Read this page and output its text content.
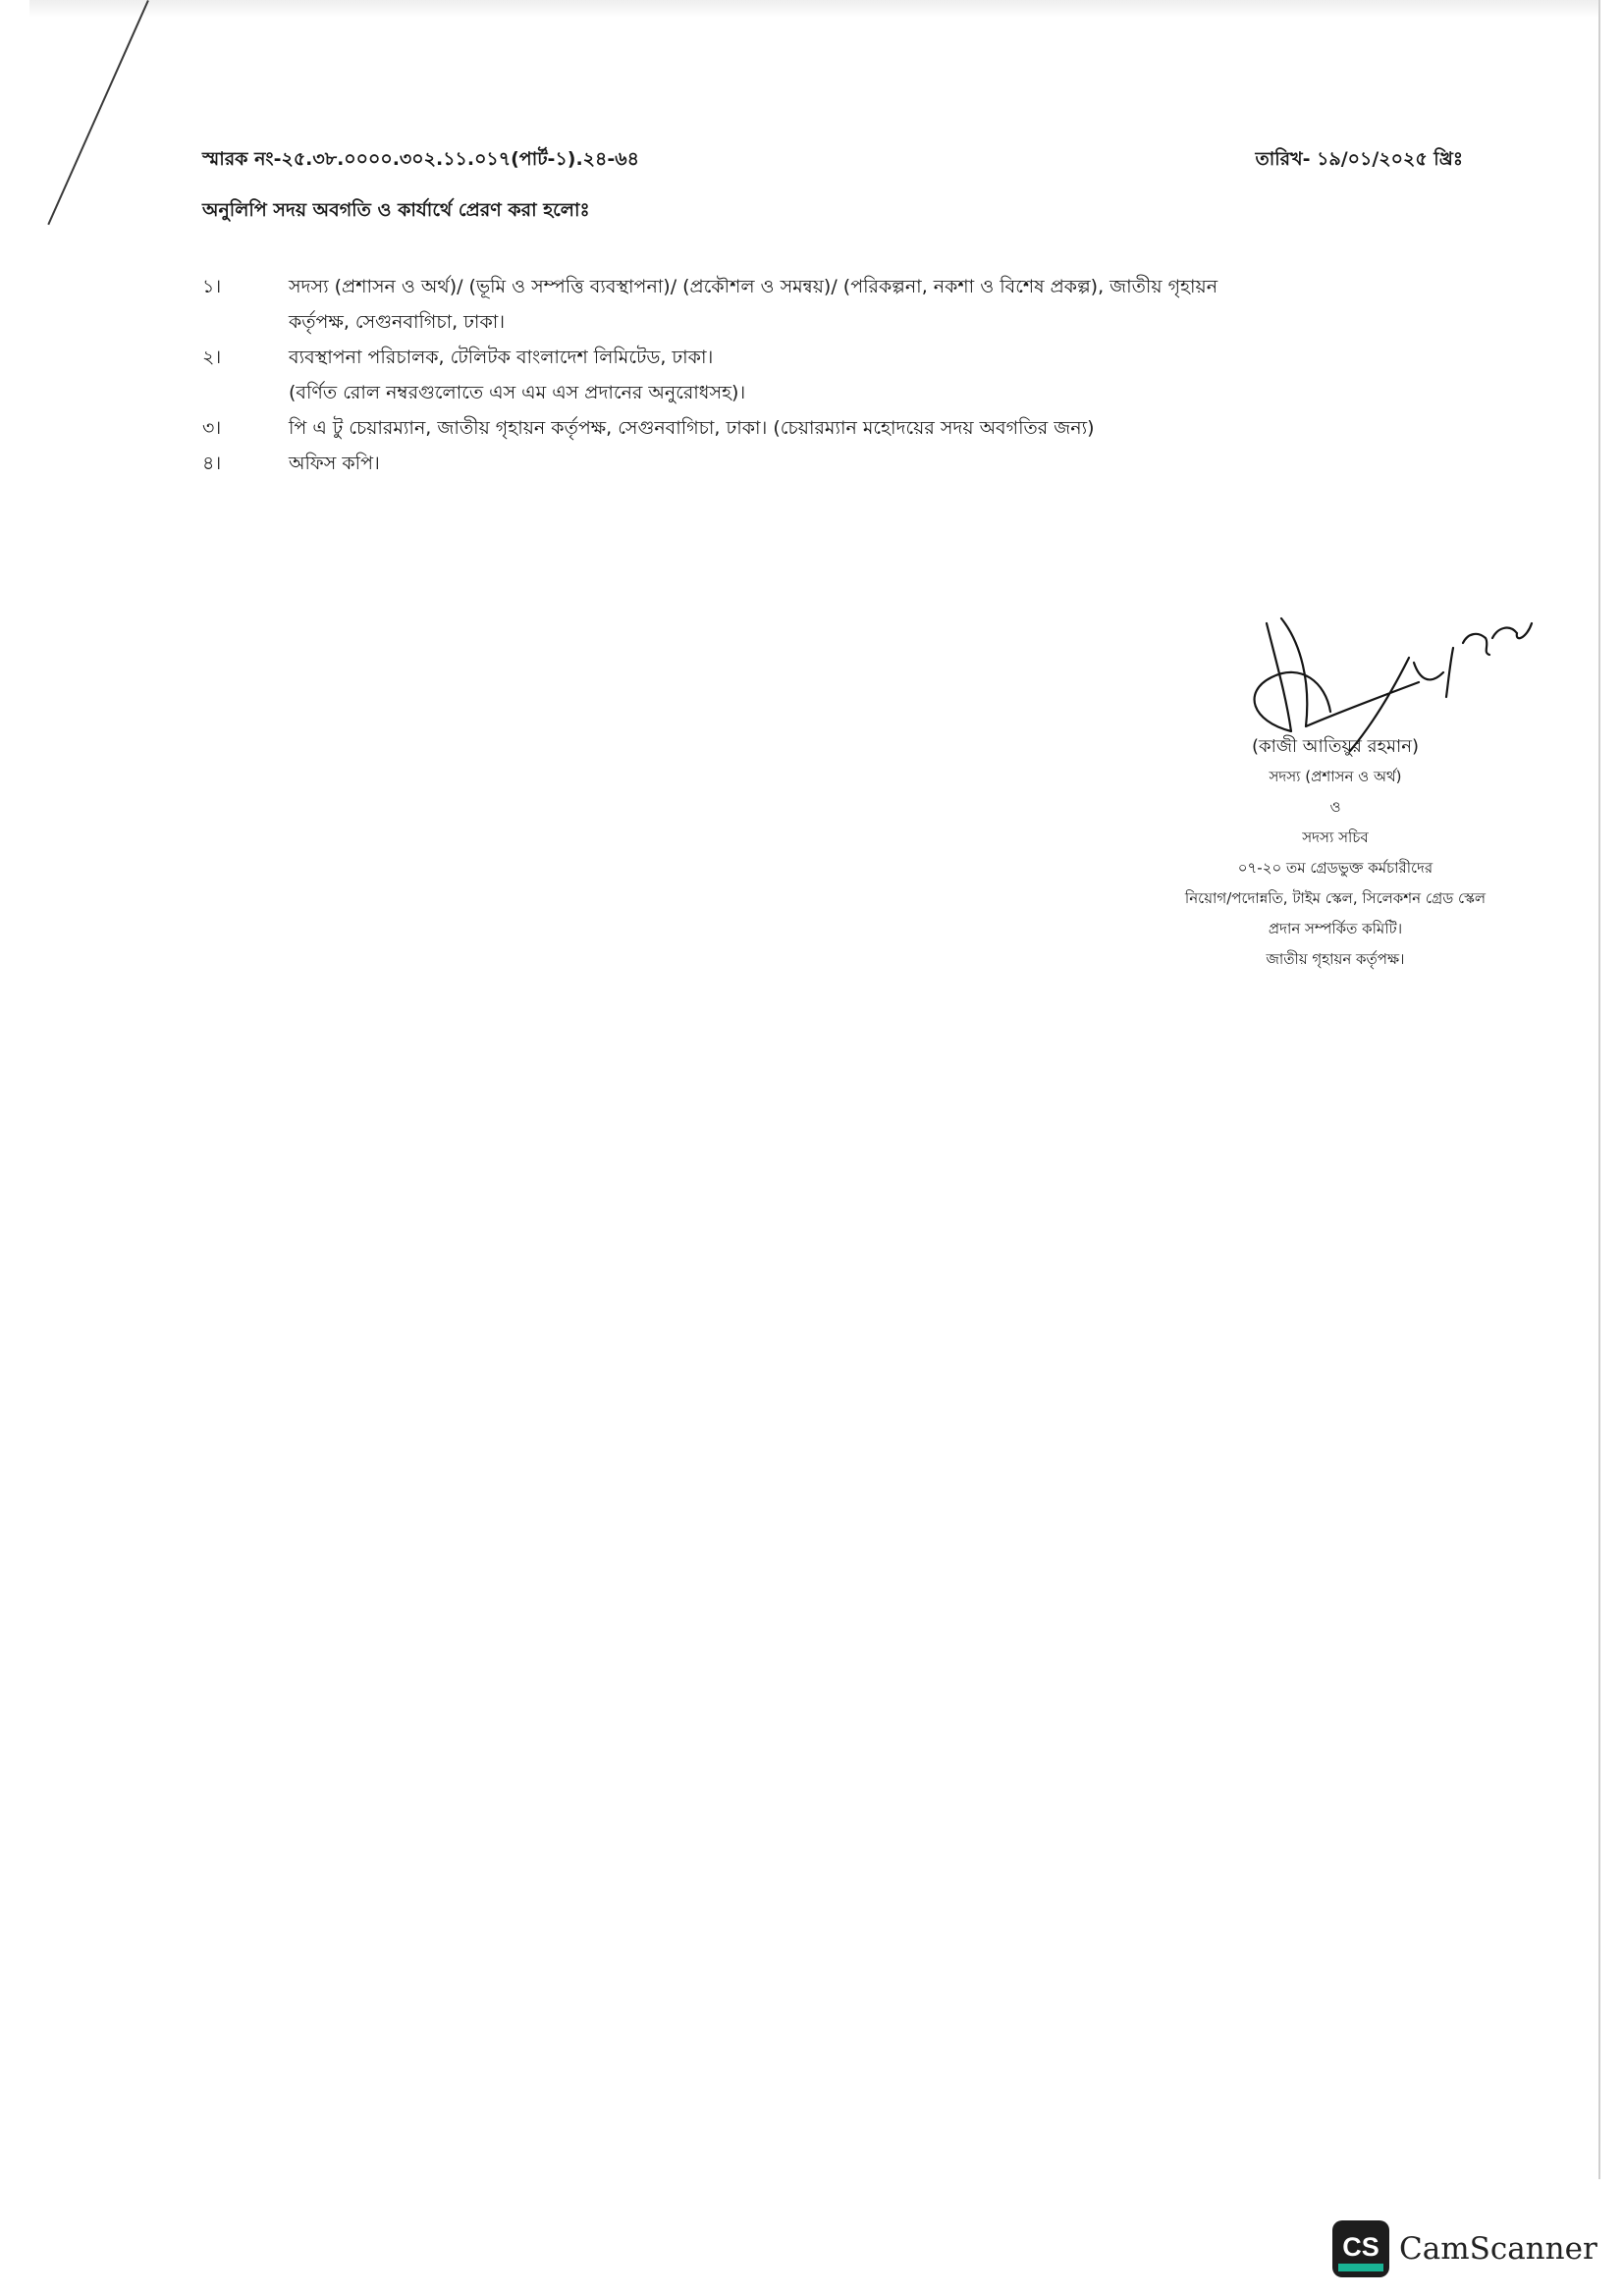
স্মারক নং-২৫.৩৮.০০০০.৩০২.১১.০১৭(পার্ট-১).২৪-৬৪	তারিখ- ১৯/০১/২০২৫ খ্রিঃ
অনুলিপি সদয় অবগতি ও কার্যার্থে প্রেরণ করা হলোঃ
১।	সদস্য (প্রশাসন ও অর্থ)/ (ভূমি ও সম্পত্তি ব্যবস্থাপনা)/ (প্রকৌশল ও সমন্বয়)/ (পরিকল্পনা, নকশা ও বিশেষ প্রকল্প), জাতীয় গৃহায়ন
কর্তৃপক্ষ, সেগুনবাগিচা, ঢাকা।
২।	ব্যবস্থাপনা পরিচালক, টেলিটক বাংলাদেশ লিমিটেড, ঢাকা।
(বর্ণিত রোল নম্বরগুলোতে এস এম এস প্রদানের অনুরোধসহ)।
৩।	পি এ টু চেয়ারম্যান, জাতীয় গৃহায়ন কর্তৃপক্ষ, সেগুনবাগিচা, ঢাকা। (চেয়ারম্যান মহোদয়ের সদয় অবগতির জন্য)
৪।	অফিস কপি।
(কাজী আতিয়ুর রহমান)
সদস্য (প্রশাসন ও অর্থ)
ও
সদস্য সচিব
০৭-২০ তম গ্রেডভুক্ত কর্মচারীদের
নিয়োগ/পদোন্নতি, টাইম স্কেল, সিলেকশন গ্রেড স্কেল
প্রদান সম্পর্কিত কমিটি।
জাতীয় গৃহায়ন কর্তৃপক্ষ।
CS CamScanner
